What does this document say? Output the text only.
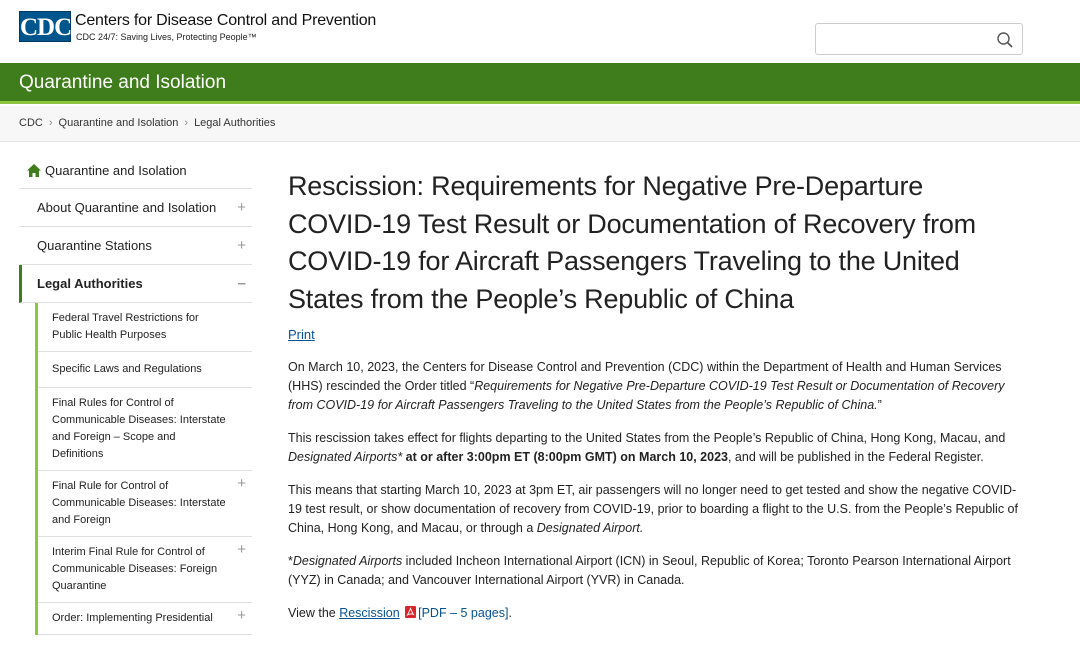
CDC Centers for Disease Control and Prevention
CDC 24/7: Saving Lives, Protecting People™
Quarantine and Isolation
CDC › Quarantine and Isolation › Legal Authorities
Quarantine and Isolation
About Quarantine and Isolation +
Quarantine Stations	+
Legal Authorities	–
Federal Travel Restrictions for Public Health Purposes
Specific Laws and Regulations
Final Rules for Control of Communicable Diseases: Interstate and Foreign – Scope and Definitions
Final Rule for Control of Communicable Diseases: Interstate and Foreign
+
Interim Final Rule for Control of Communicable Diseases: Foreign Quarantine
+
Order: Implementing Presidential +
Rescission: Requirements for Negative Pre-Departure COVID-19 Test Result or Documentation of Recovery from COVID-19 for Aircraft Passengers Traveling to the United States from the People’s Republic of China
Print

On March 10, 2023, the Centers for Disease Control and Prevention (CDC) within the Department of Health and Human Services (HHS) rescinded the Order titled “Requirements for Negative Pre-Departure COVID-19 Test Result or Documentation of Recovery from COVID-19 for Aircraft Passengers Traveling to the United States from the People’s Republic of China.”

This rescission takes effect for flights departing to the United States from the People’s Republic of China, Hong Kong, Macau, and Designated Airports* at or after 3:00pm ET (8:00pm GMT) on March 10, 2023, and will be published in the Federal Register.

This means that starting March 10, 2023 at 3pm ET, air passengers will no longer need to get tested and show the negative COVID-19 test result, or show documentation of recovery from COVID-19, prior to boarding a flight to the U.S. from the People’s Republic of China, Hong Kong, and Macau, or through a Designated Airport.

*Designated Airports included Incheon International Airport (ICN) in Seoul, Republic of Korea; Toronto Pearson International Airport (YYZ) in Canada; and Vancouver International Airport (YVR) in Canada.

View the Rescission [PDF – 5 pages].
